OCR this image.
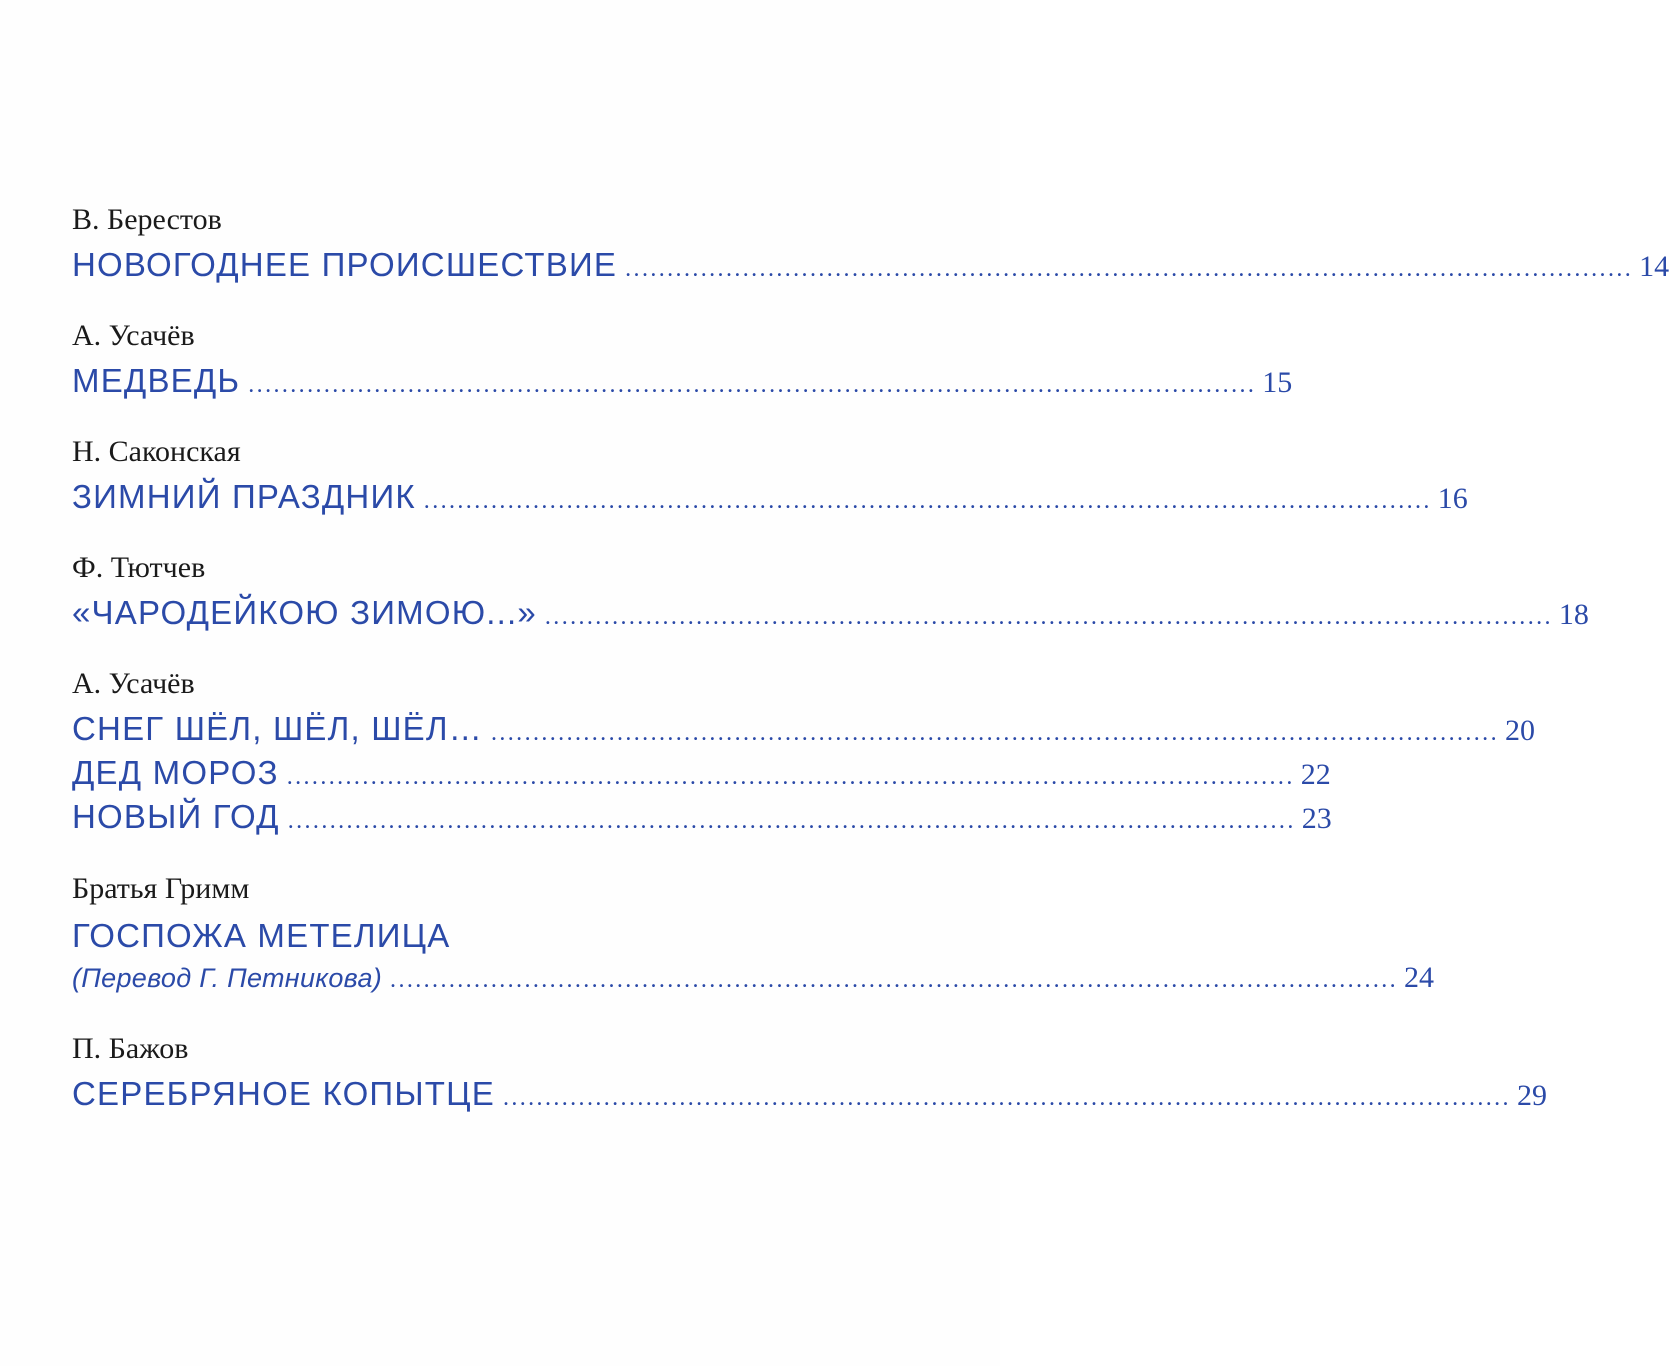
В. Берестов
НОВОГОДНЕЕ ПРОИСШЕСТВИЕ ........................................................................................................................ 14
А. Усачёв
МЕДВЕДЬ ........................................................................................................................ 15
Н. Саконская
ЗИМНИЙ ПРАЗДНИК ........................................................................................................................ 16
Ф. Тютчев
«ЧАРОДЕЙКОЮ ЗИМОЮ...» ........................................................................................................................ 18
А. Усачёв
СНЕГ ШЁЛ, ШЁЛ, ШЁЛ… ........................................................................................................................ 20
ДЕД МОРОЗ ........................................................................................................................ 22
НОВЫЙ ГОД ........................................................................................................................ 23
Братья Гримм
ГОСПОЖА МЕТЕЛИЦА
(Перевод Г. Петникова) ........................................................................................................................ 24
П. Бажов
СЕРЕБРЯНОЕ КОПЫТЦЕ ........................................................................................................................ 29
